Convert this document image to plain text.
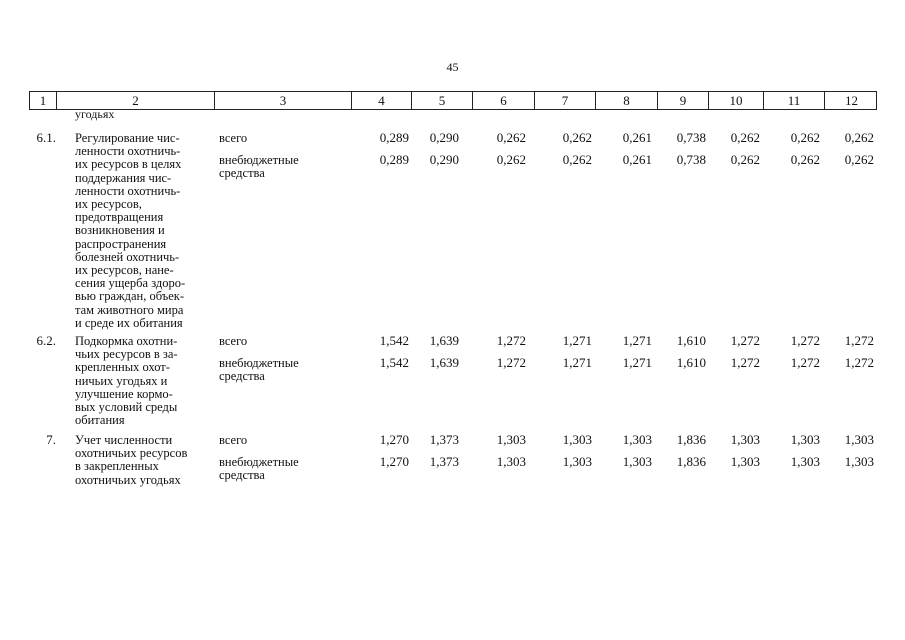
45
1	2	3	4	5	6	7	8	9	10	11	12
угодьях
6.1. Регулирование чис-
ленности охотничь-
их ресурсов в целях
поддержания чис-
ленности охотничь-
их ресурсов,
предотвращения
возникновения и
распространения
болезней охотничь-
их ресурсов, нане-
сения ущерба здоро-
вью граждан, объек-
там животного мира
и среде их обитания
всего	0,289 0,290	0,262	0,262 0,261 0,738 0,262 0,262 0,262
внебюджетные
средства
0,289 0,290	0,262	0,262 0,261 0,738 0,262 0,262 0,262
6.2. Подкормка охотни-
чьих ресурсов в за-
крепленных охот-
ничьих угодьях и
улучшение кормо-
вых условий среды
обитания
всего	1,542 1,639	1,272	1,271 1,271 1,610 1,272 1,272 1,272
внебюджетные
средства
1,542 1,639	1,272	1,271 1,271 1,610 1,272 1,272 1,272
7. Учет численности
охотничьих ресурсов
в закрепленных
охотничьих угодьях
всего	1,270 1,373	1,303	1,303 1,303 1,836 1,303 1,303 1,303
внебюджетные
средства
1,270 1,373	1,303	1,303 1,303 1,836 1,303 1,303 1,303
